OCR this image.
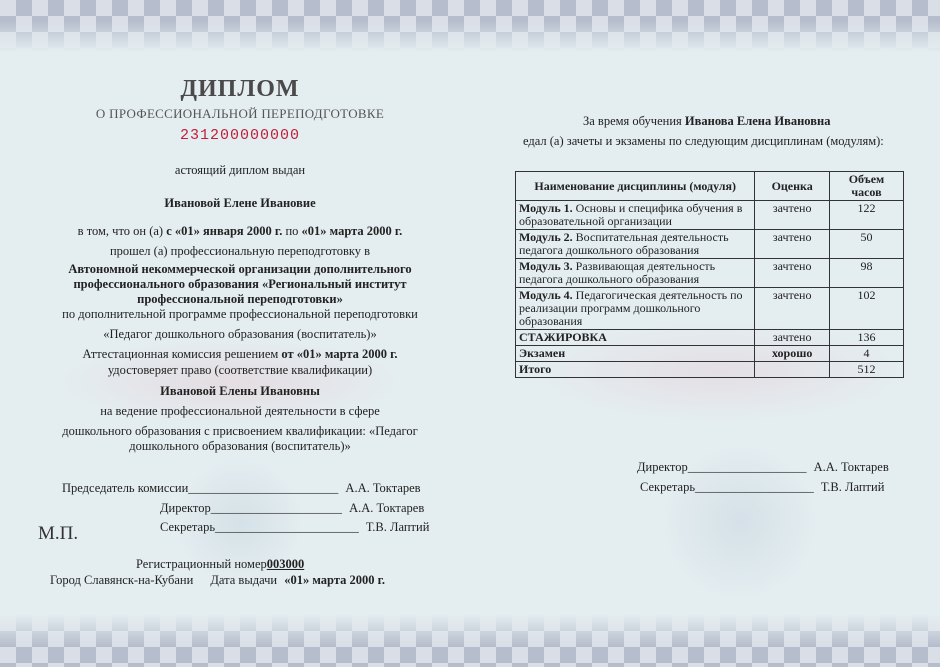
ДИПЛОМ
О ПРОФЕССИОНАЛЬНОЙ ПЕРЕПОДГОТОВКЕ
231200000000
астоящий диплом выдан
Ивановой Елене Ивановие
в том, что он (а) с «01» января 2000 г. по «01» марта 2000 г.
прошел (а) профессиональную переподготовку в
Автономной некоммерческой организации дополнительного
профессионального образования «Региональный институт
профессиональной переподготовки»
по дополнительной программе профессиональной переподготовки
«Педагог дошкольного образования (воспитатель)»
Аттестационная комиссия решением от «01» марта 2000 г.
удостоверяет право (соответствие квалификации)
Ивановой Елены Ивановны
на ведение профессиональной деятельности в сфере
дошкольного образования с присвоением квалификации: «Педагог
дошкольного образования (воспитатель)»
Председатель комиссии________________________ А.А. Токтарев
Директор_____________________ А.А. Токтарев
Секретарь_______________________ Т.В. Лаптий
М.П.
Регистрационный номер003000
Город Славянск-на-Кубани Дата выдачи «01» марта 2000 г.
За время обучения Иванова Елена Ивановна
едал (а) зачеты и экзамены по следующим дисциплинам (модулям):
Наименование дисциплины (модуля)	Оценка	Объем часов
Модуль 1. Основы и специфика обучения в образовательной организации	зачтено	122
Модуль 2. Воспитательная деятельность педагога дошкольного образования	зачтено	50
Модуль 3. Развивающая деятельность педагога дошкольного образования	зачтено	98
Модуль 4. Педагогическая деятельность по реализации программ дошкольного образования	зачтено	102
СТАЖИРОВКА	зачтено	136
Экзамен	хорошо	4
Итого		512
Директор___________________ А.А. Токтарев
Секретарь___________________ Т.В. Лаптий
